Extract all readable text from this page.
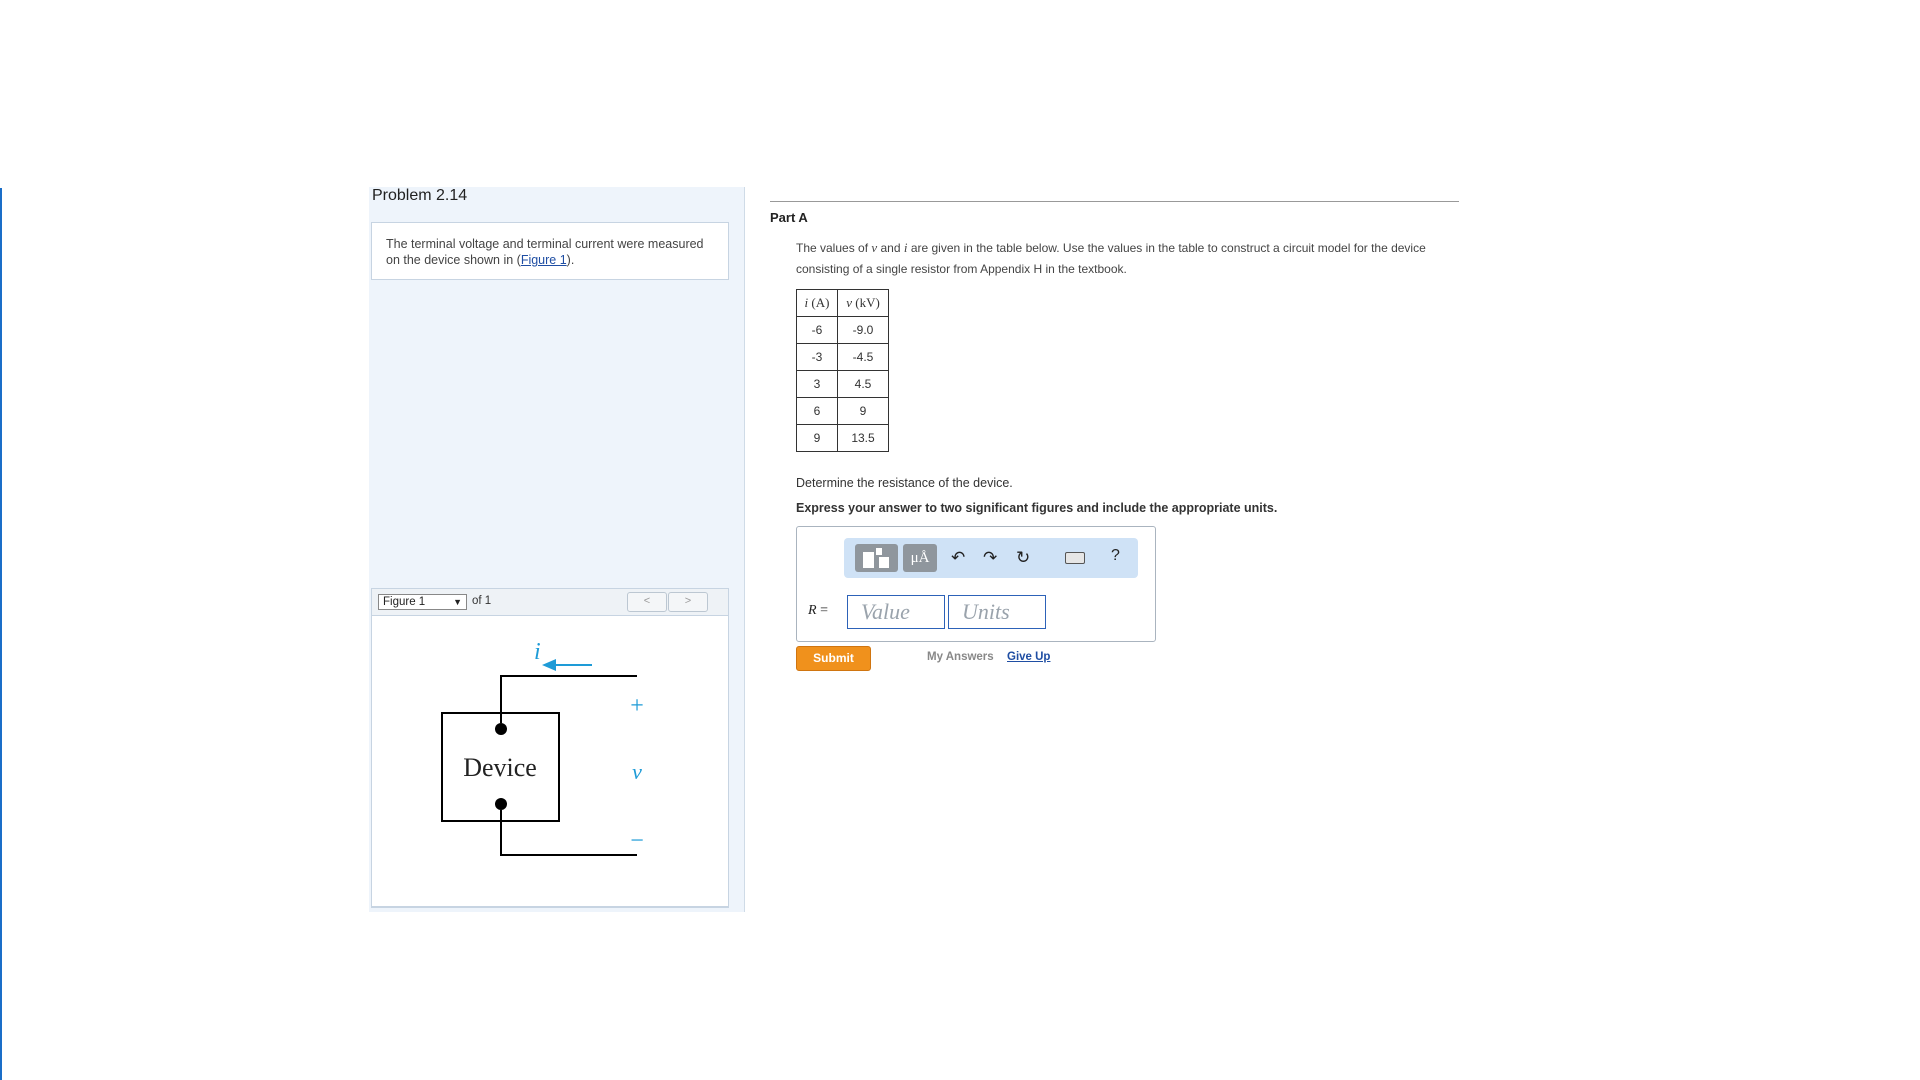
Problem 2.14
The terminal voltage and terminal current were measured on the device shown in (Figure 1).
Figure 1	▼ of 1	<	>
i
Device
+
v
−
Part A
The values of v and i are given in the table below. Use the values in the table to construct a circuit model for the device consisting of a single resistor from Appendix H in the textbook.
i (A)	v (kV)
-6	-9.0
-3	-4.5
3	4.5
6	9
9	13.5
Determine the resistance of the device.
Express your answer to two significant figures and include the appropriate units.
μÅ	↶ ↷ ↻	?
R =	Value	Units
Submit	My Answers Give Up
